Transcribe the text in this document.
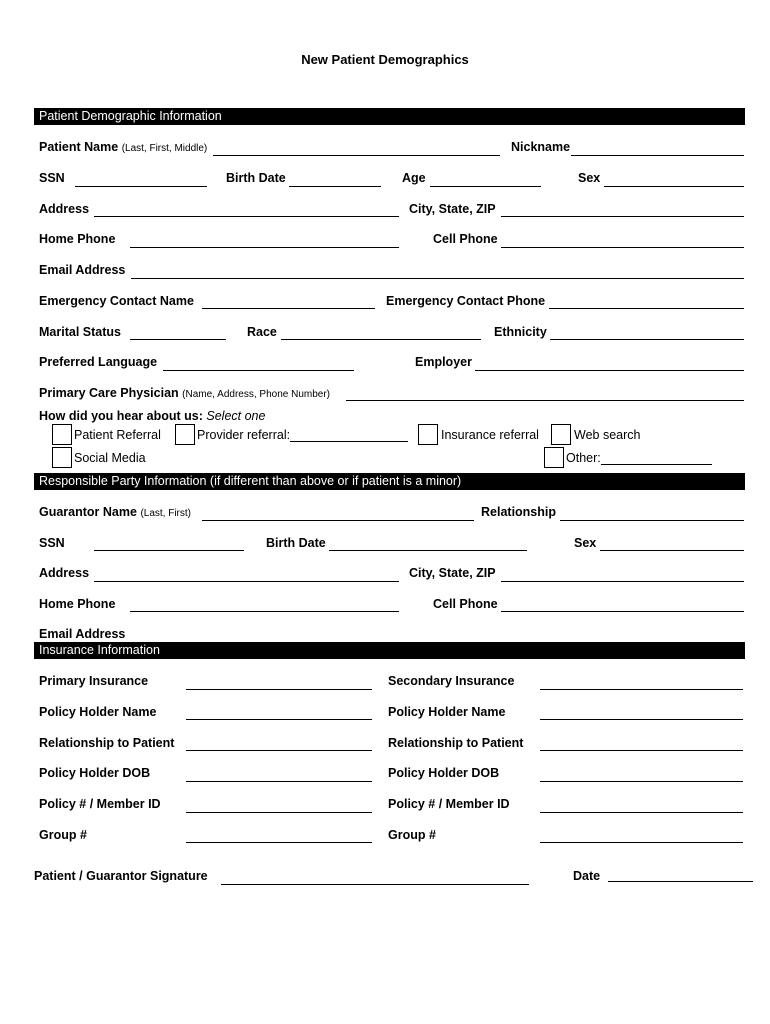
New Patient Demographics
Patient Demographic Information
Patient Name (Last, First, Middle)	Nickname
SSN	Birth Date	Age	Sex
Address	City, State, ZIP
Home Phone	Cell Phone
Email Address
Emergency Contact Name	Emergency Contact Phone
Marital Status	Race	Ethnicity
Preferred Language	Employer
Primary Care Physician (Name, Address, Phone Number)
How did you hear about us: Select one
Patient Referral	Provider referral:	Insurance referral	Web search
Social Media	Other:
Responsible Party Information (if different than above or if patient is a minor)
Guarantor Name (Last, First)	Relationship
SSN	Birth Date	Sex
Address	City, State, ZIP
Home Phone	Cell Phone
Email Address
Insurance Information
Primary Insurance	Secondary Insurance
Policy Holder Name	Policy Holder Name
Relationship to Patient	Relationship to Patient
Policy Holder DOB	Policy Holder DOB
Policy # / Member ID	Policy # / Member ID
Group #	Group #
Patient / Guarantor Signature	Date
